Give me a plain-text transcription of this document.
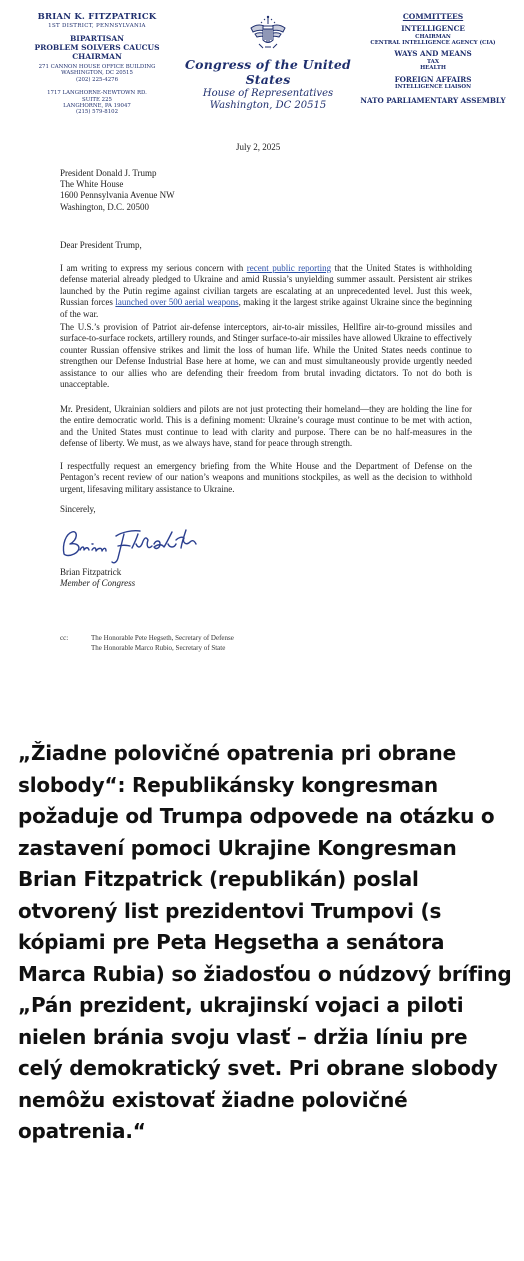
BRIAN K. FITZPATRICK
1ST DISTRICT, PENNSYLVANIA
BIPARTISAN
PROBLEM SOLVERS CAUCUS
CHAIRMAN
271 CANNON HOUSE OFFICE BUILDING
WASHINGTON, DC 20515
(202) 225-4276
1717 LANGHORNE-NEWTOWN RD.
SUITE 225
LANGHORNE, PA 19047
(215) 579-8102
Congress of the United States
House of Representatives
Washington, DC 20515
COMMITTEES
INTELLIGENCE
CHAIRMAN
CENTRAL INTELLIGENCE AGENCY (CIA)
WAYS AND MEANS
TAX
HEALTH
FOREIGN AFFAIRS
INTELLIGENCE LIAISON
NATO PARLIAMENTARY ASSEMBLY
July 2, 2025
President Donald J. Trump
The White House
1600 Pennsylvania Avenue NW
Washington, D.C. 20500
Dear President Trump,

I am writing to express my serious concern with recent public reporting that the United States is withholding defense material already pledged to Ukraine and amid Russia’s unyielding summer assault. Persistent air strikes launched by the Putin regime against civilian targets are escalating at an unprecedented level. Just this week, Russian forces launched over 500 aerial weapons, making it the largest strike against Ukraine since the beginning of the war.

The U.S.’s provision of Patriot air-defense interceptors, air-to-air missiles, Hellfire air-to-ground missiles and surface-to-surface rockets, artillery rounds, and Stinger surface-to-air missiles have allowed Ukraine to effectively counter Russian offensive strikes and limit the loss of human life. While the United States needs continue to strengthen our Defense Industrial Base here at home, we can and must simultaneously provide urgently needed assistance to our allies who are defending their freedom from brutal invading dictators. To not do both is unacceptable.

Mr. President, Ukrainian soldiers and pilots are not just protecting their homeland—they are holding the line for the entire democratic world. This is a defining moment: Ukraine’s courage must continue to be met with action, and the United States must continue to lead with clarity and purpose. There can be no half-measures in the defense of liberty. We must, as we always have, stand for peace through strength.

I respectfully request an emergency briefing from the White House and the Department of Defense on the Pentagon’s recent review of our nation’s weapons and munitions stockpiles, as well as the decision to withhold urgent, lifesaving military assistance to Ukraine.

Sincerely,
Brian Fitzpatrick
Member of Congress
cc:	The Honorable Pete Hegseth, Secretary of Defense
The Honorable Marco Rubio, Secretary of State

„Žiadne polovičné opatrenia pri obrane slobody“: Republikánsky kongresman požaduje od Trumpa odpovede na otázku o zastavení pomoci Ukrajine Kongresman Brian Fitzpatrick (republikán) poslal otvorený list prezidentovi Trumpovi (s kópiami pre Peta Hegsetha a senátora Marca Rubia) so žiadosťou o núdzový brífing „Pán prezident, ukrajinskí vojaci a piloti nielen bránia svoju vlasť – držia líniu pre celý demokratický svet. Pri obrane slobody nemôžu existovať žiadne polovičné opatrenia.“
